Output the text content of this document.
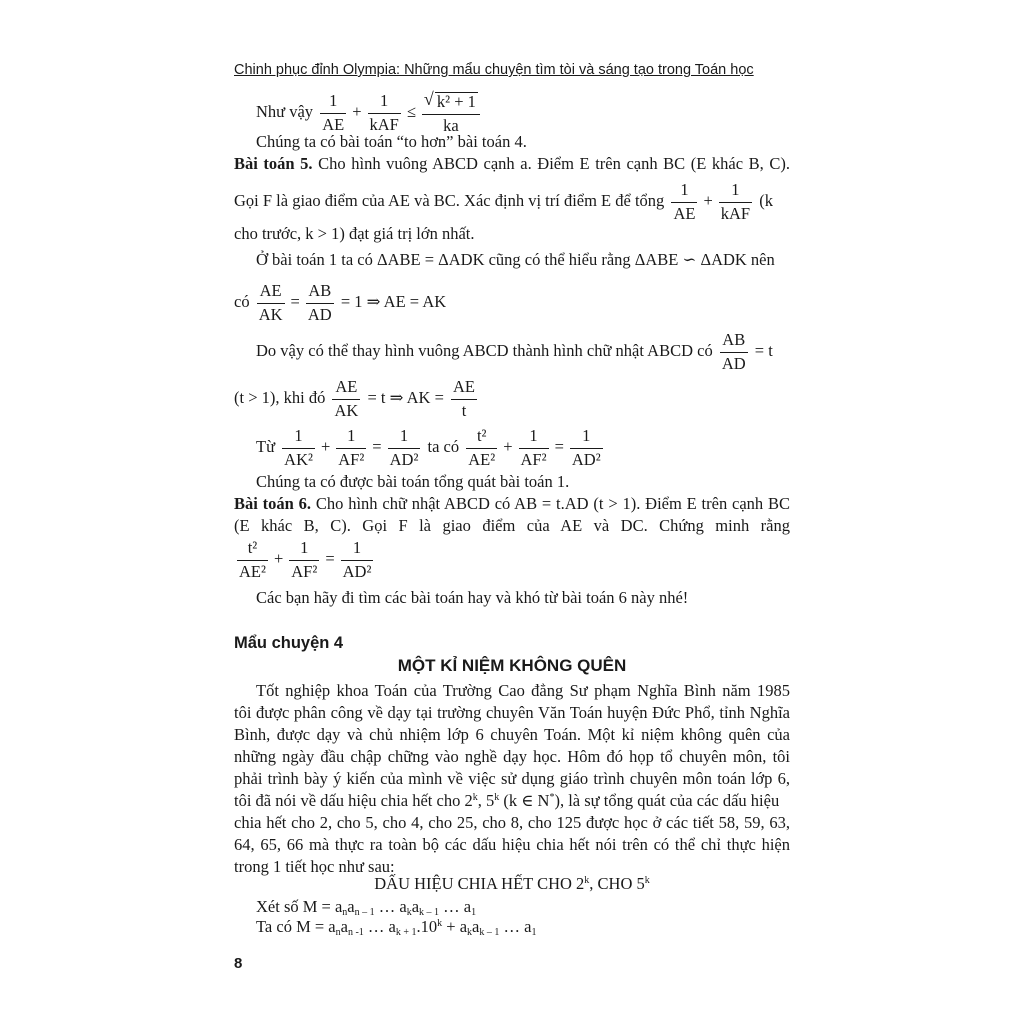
Chinh phục đỉnh Olympia: Những mẩu chuyện tìm tòi và sáng tạo trong Toán học
Như vậy $\frac{1}{AE} + \frac{1}{\text{kAF}} \le \frac{\text{√ k² + 1}}{ka}$
Chúng ta có bài toán “to hơn” bài toán 4.
Bài toán 5. Cho hình vuông ABCD cạnh a. Điểm E trên cạnh BC (E khác B, C).
Gọi F là giao điểm của AE và BC. Xác định vị trí điểm E để tổng $\frac{1}{AE} + \frac{1}{\text{kAF}} (k$
cho trước, k > 1) đạt giá trị lớn nhất.
Ở bài toán 1 ta có ΔABE = ΔADK cũng có thể hiểu rằng ΔABE ∽ ΔADK nên
có $\frac{AE}{AK} = \frac{AB}{AD} = 1$ ⇒ AE = AK
Do vậy có thể thay hình vuông ABCD thành hình chữ nhật ABCD có $\frac{AB}{AD} = t$
(t > 1), khi đó $\frac{AE}{AK} = t$ ⇒ AK = $\frac{AE}{t}$
Từ $\frac{1}{\text{AK²}} + \frac{1}{\text{AF²}} = \frac{1}{\text{AD²}}$ ta có $\frac{\text{t²}}{\text{AE²}} + \frac{1}{\text{AF²}} = \frac{1}{\text{AD²}}$
Chúng ta có được bài toán tổng quát bài toán 1.
Bài toán 6. Cho hình chữ nhật ABCD có AB = t.AD (t > 1). Điểm E trên cạnh BC
(E khác B, C). Gọi F là giao điểm của AE và DC. Chứng minh rằng
$\frac{\text{t²}}{\text{AE²}} + \frac{1}{\text{AF²}} = \frac{1}{\text{AD²}}$
Các bạn hãy đi tìm các bài toán hay và khó từ bài toán 6 này nhé!
Mẩu chuyện 4
MỘT KỈ NIỆM KHÔNG QUÊN
Tốt nghiệp khoa Toán của Trường Cao đẳng Sư phạm Nghĩa Bình năm 1985
tôi được phân công về dạy tại trường chuyên Văn Toán huyện Đức Phổ, tỉnh Nghĩa
Bình, được dạy và chủ nhiệm lớp 6 chuyên Toán. Một kỉ niệm không quên của
những ngày đầu chập chững vào nghề dạy học. Hôm đó họp tổ chuyên môn, tôi
phải trình bày ý kiến của mình về việc sử dụng giáo trình chuyên môn toán lớp 6,
tôi đã nói về dấu hiệu chia hết cho 2$^k$, 5$^k$ (k ∈ N*), là sự tổng quát của các dấu hiệu
chia hết cho 2, cho 5, cho 4, cho 25, cho 8, cho 125 được học ở các tiết 58, 59, 63,
64, 65, 66 mà thực ra toàn bộ các dấu hiệu chia hết nói trên có thể chỉ thực hiện
trong 1 tiết học như sau:
DẤU HIỆU CHIA HẾT CHO 2$^k$, CHO 5$^k$
Xét số $M = a_na_{n - 1}$ … $a_ka_{k - 1}$ … $a_1$
Ta có $M = a_na_{n -1}$ … $a_{k + 1}.10^k + a_ka_{k - 1}$ … $a_1$
8
